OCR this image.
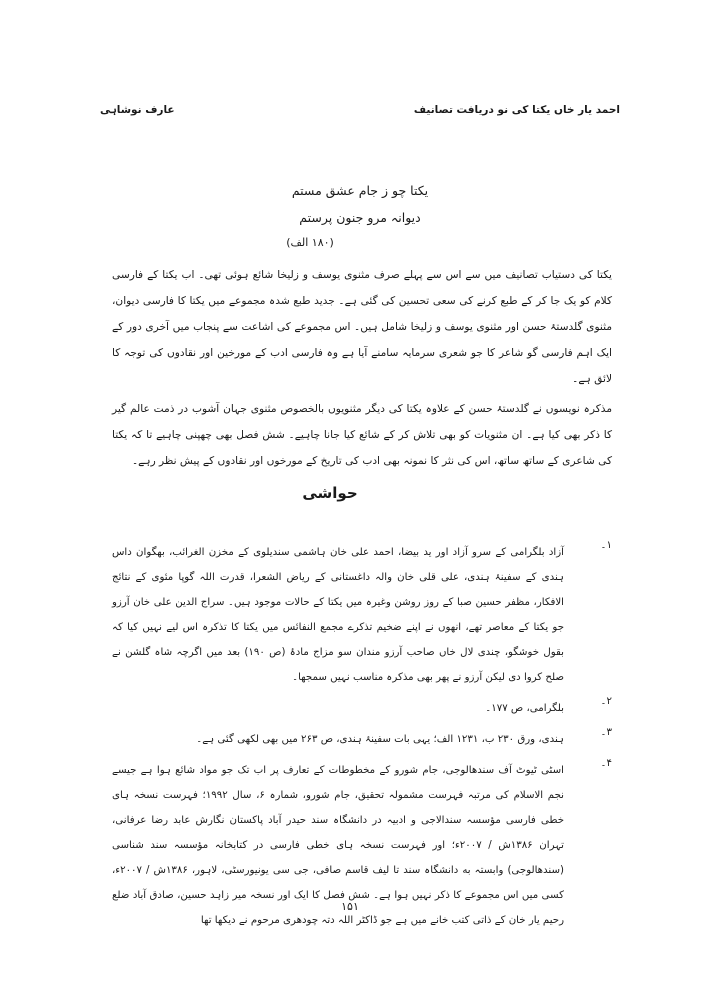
احمد یار خاں یکتا کی نو دریافت تصانیف
عارف نوشاہی
یکتا چو ز جام عشق مستم
دیوانہ مرو جنون پرستم
(۱۸۰ الف)

یکتا کی دستیاب تصانیف میں سے اس سے پہلے صرف مثنوی یوسف و زلیخا شائع ہوئی تھی۔ اب یکتا کے فارسی کلام کو یک جا کر کے طبع کرنے کی سعی تحسین کی گئی ہے۔ جدید طبع شدہ مجموعے میں یکتا کا فارسی دیوان، مثنوی گلدستۂ حسن اور مثنوی یوسف و زلیخا شامل ہیں۔ اس مجموعے کی اشاعت سے پنجاب میں آخری دور کے ایک اہم فارسی گو شاعر کا جو شعری سرمایہ سامنے آیا ہے وہ فارسی ادب کے مورخین اور نقادوں کی توجہ کا لائق ہے۔

مذکرہ نویسوں نے گلدستۂ حسن کے علاوہ یکتا کی دیگر مثنویوں بالخصوص مثنوی جہان آشوب در ذمت عالم گیر کا ذکر بھی کیا ہے۔ ان مثنویات کو بھی تلاش کر کے شائع کیا جانا چاہیے۔ شش فصل بھی چھپنی چاہیے تا کہ یکتا کی شاعری کے ساتھ ساتھ، اس کی نثر کا نمونہ بھی ادب کی تاریخ کے مورخوں اور نقادوں کے پیش نظر رہے۔

حواشی
۱۔
آزاد بلگرامی کے سرو آزاد اور ید بیضا، احمد علی خان ہاشمی سندیلوی کے مخزن الغرائب، بھگوان داس ہندی کے سفینۂ ہندی، علی قلی خان والہ داغستانی کے ریاض الشعرا، قدرت اللہ گوپا مئوی کے نتائج الافکار، مظفر حسین صبا کے روز روشن وغیرہ میں یکتا کے حالات موجود ہیں۔ سراج الدین علی خان آرزو جو یکتا کے معاصر تھے، انھوں نے اپنے ضخیم تذکرے مجمع النفائس میں یکتا کا تذکرہ اس لیے نہیں کیا کہ بقول خوشگو، چندی لال خاں صاحب آرزو مندان سو مزاج مادۂ (ص ۱۹۰) بعد میں اگرچہ شاہ گلشن نے صلح کروا دی لیکن آرزو نے پھر بھی مذکرہ مناسب نہیں سمجھا۔
۲۔
بلگرامی، ص ۱۷۷۔
۳۔
ہندی، ورق ۲۳۰ ب، ۱۲۳۱ الف؛ یہی بات سفینۂ ہندی، ص ۲۶۳ میں بھی لکھی گئی ہے۔
۴۔
اسٹی ٹیوٹ آف سندھالوجی، جام شورو کے مخطوطات کے تعارف پر اب تک جو مواد شائع ہوا ہے جیسے نجم الاسلام کی مرتبہ فہرست مشمولہ تحقیق، جام شورو، شمارہ ۶، سال ۱۹۹۲؛ فہرست نسخہ ہای خطی فارسی مؤسسہ سندالاجی و ادبیہ در دانشگاہ سند حیدر آباد پاکستان نگارش عابد رضا عرفانی، تہران ۱۳۸۶ش / ۲۰۰۷ء؛ اور فہرست نسخہ ہای خطی فارسی در کتابخانہ مؤسسہ سند شناسی (سندھالوجی) وابستہ به دانشگاہ سند تا لیف قاسم صافی، جی سی یونیورسٹی، لاہور، ۱۳۸۶ش / ۲۰۰۷ء، کسی میں اس مجموعے کا ذکر نہیں ہوا ہے۔ شش فصل کا ایک اور نسخہ میر زاہد حسین، صادق آباد ضلع رحیم یار خان کے ذاتی کتب خانے میں ہے جو ڈاکٹر اللہ دتہ چودھری مرحوم نے دیکھا تھا
۱۵۱
